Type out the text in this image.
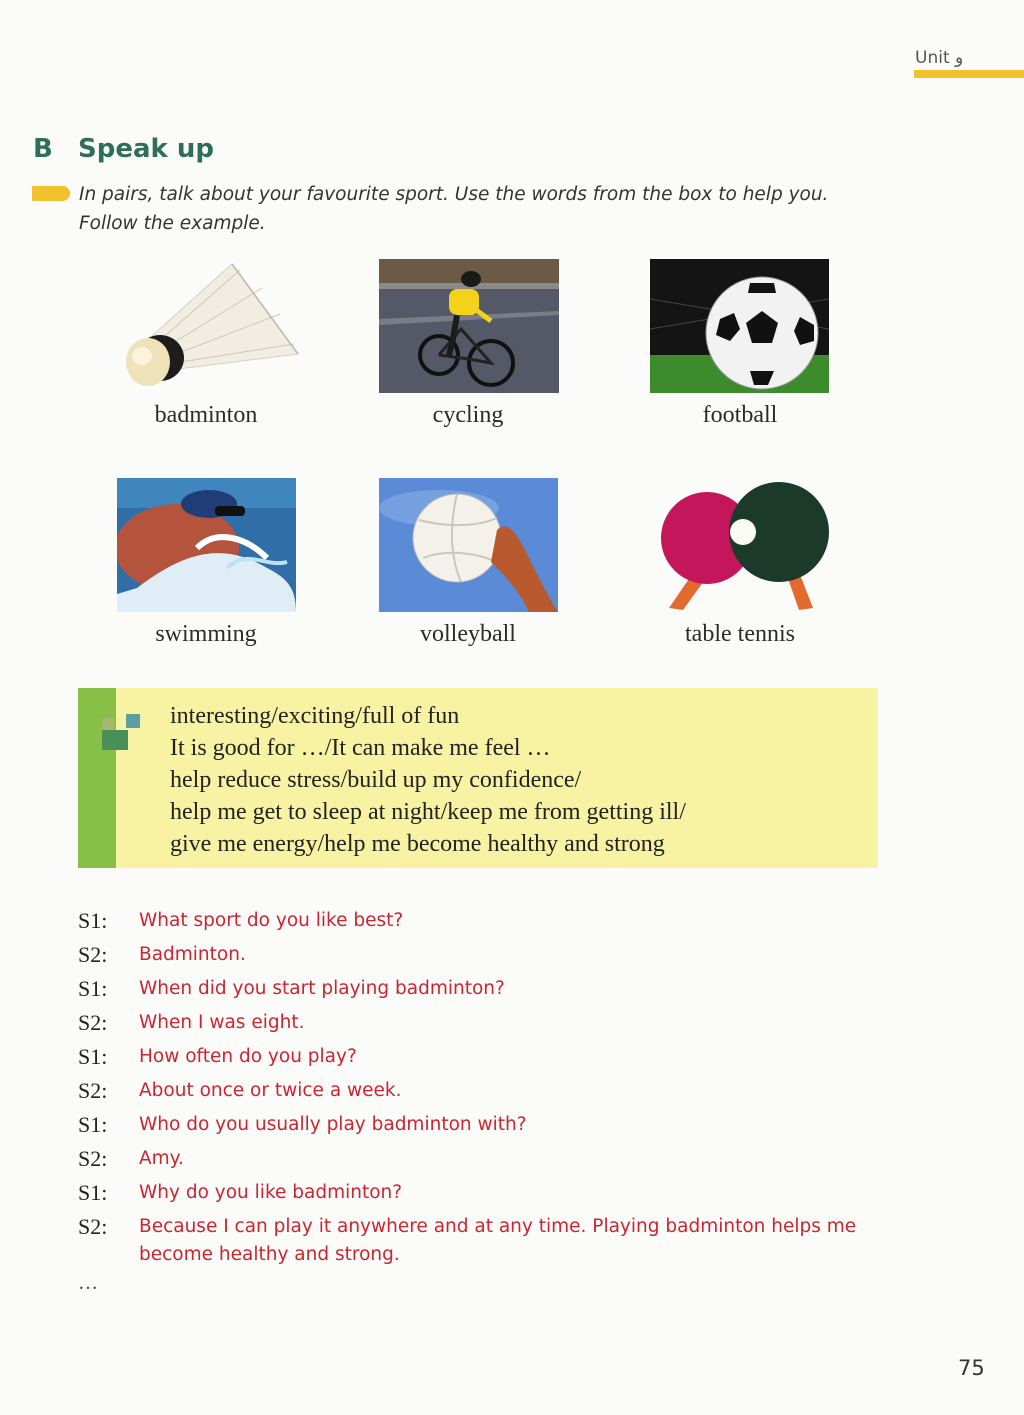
Unit و
B Speak up
In pairs, talk about your favourite sport. Use the words from the box to help you.
Follow the example.
badminton	cycling	football
swimming	volleyball	table tennis
interesting/exciting/full of fun
It is good for …/It can make me feel …
help reduce stress/build up my confidence/
help me get to sleep at night/keep me from getting ill/
give me energy/help me become healthy and strong
S1:	What sport do you like best?
S2:	Badminton.
S1:	When did you start playing badminton?
S2:	When I was eight.
S1:	How often do you play?
S2:	About once or twice a week.
S1:	Who do you usually play badminton with?
S2:	Amy.
S1:	Why do you like badminton?
S2:	Because I can play it anywhere and at any time. Playing badminton helps me become healthy and strong.
…
75
